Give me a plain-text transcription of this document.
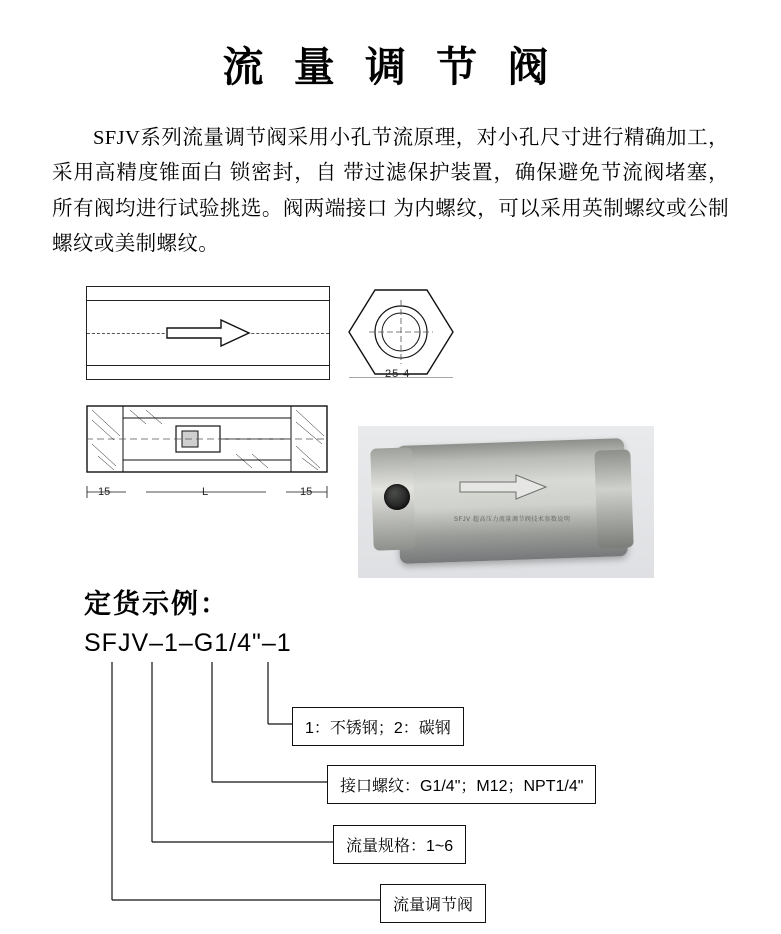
流 量 调 节 阀

SFJV系列流量调节阀采用小孔节流原理，对小孔尺寸进行精确加工，采用高精度锥面白 锁密封，自 带过滤保护装置，确保避免节流阀堵塞，所有阀均进行试验挑选。阀两端接口 为内螺纹，可以采用英制螺纹或公制螺纹或美制螺纹。

25 4
15	L	15
SFJV 超高压力流量调节阀技术参数说明
定货示例：
SFJV–1–G1/4"–1
1：不锈钢；2：碳钢
接口螺纹：G1/4"；M12；NPT1/4"
流量规格：1~6
流量调节阀
